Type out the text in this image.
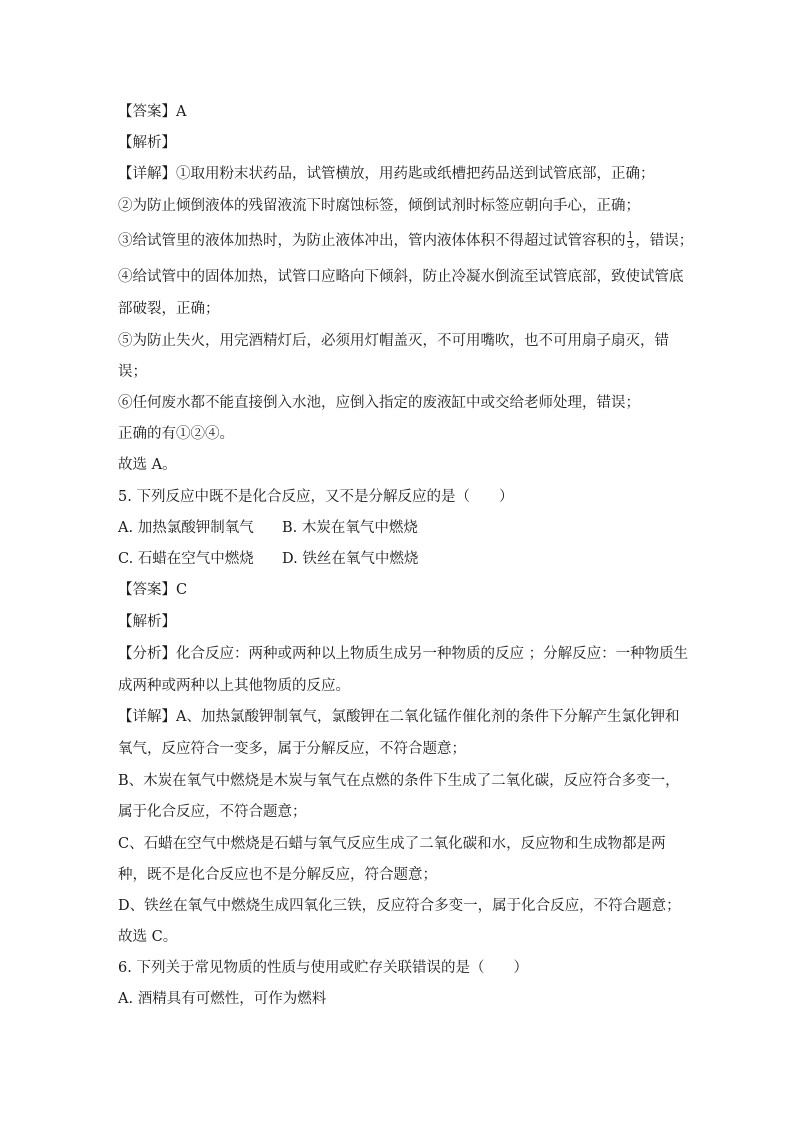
【答案】A
【解析】
【详解】①取用粉末状药品，试管横放，用药匙或纸槽把药品送到试管底部，正确；
②为防止倾倒液体的残留液流下时腐蚀标签，倾倒试剂时标签应朝向手心，正确；
③给试管里的液体加热时，为防止液体冲出，管内液体体积不得超过试管容积的 $\frac{1}{3}$ ，错误；
④给试管中的固体加热，试管口应略向下倾斜，防止冷凝水倒流至试管底部，致使试管底
部破裂，正确；
⑤为防止失火，用完酒精灯后，必须用灯帽盖灭，不可用嘴吹，也不可用扇子扇灭，错
误；
⑥任何废水都不能直接倒入水池，应倒入指定的废液缸中或交给老师处理，错误；
正确的有①②④。
故选 A。
5. 下列反应中既不是化合反应，又不是分解反应的是（　　）
A. 加热氯酸钾制氧气 B. 木炭在氧气中燃烧
C. 石蜡在空气中燃烧 D. 铁丝在氧气中燃烧
【答案】C
【解析】
【分析】化合反应：两种或两种以上物质生成另一种物质的反应 ；分解反应：一种物质生
成两种或两种以上其他物质的反应。
【详解】A、加热氯酸钾制氧气，氯酸钾在二氧化锰作催化剂的条件下分解产生氯化钾和
氧气，反应符合一变多，属于分解反应，不符合题意；
B、木炭在氧气中燃烧是木炭与氧气在点燃的条件下生成了二氧化碳，反应符合多变一，
属于化合反应，不符合题意；
C、石蜡在空气中燃烧是石蜡与氧气反应生成了二氧化碳和水，反应物和生成物都是两
种，既不是化合反应也不是分解反应，符合题意；
D、铁丝在氧气中燃烧生成四氧化三铁，反应符合多变一，属于化合反应，不符合题意；
故选 C。
6. 下列关于常见物质的性质与使用或贮存关联错误的是（　　）
A. 酒精具有可燃性，可作为燃料
